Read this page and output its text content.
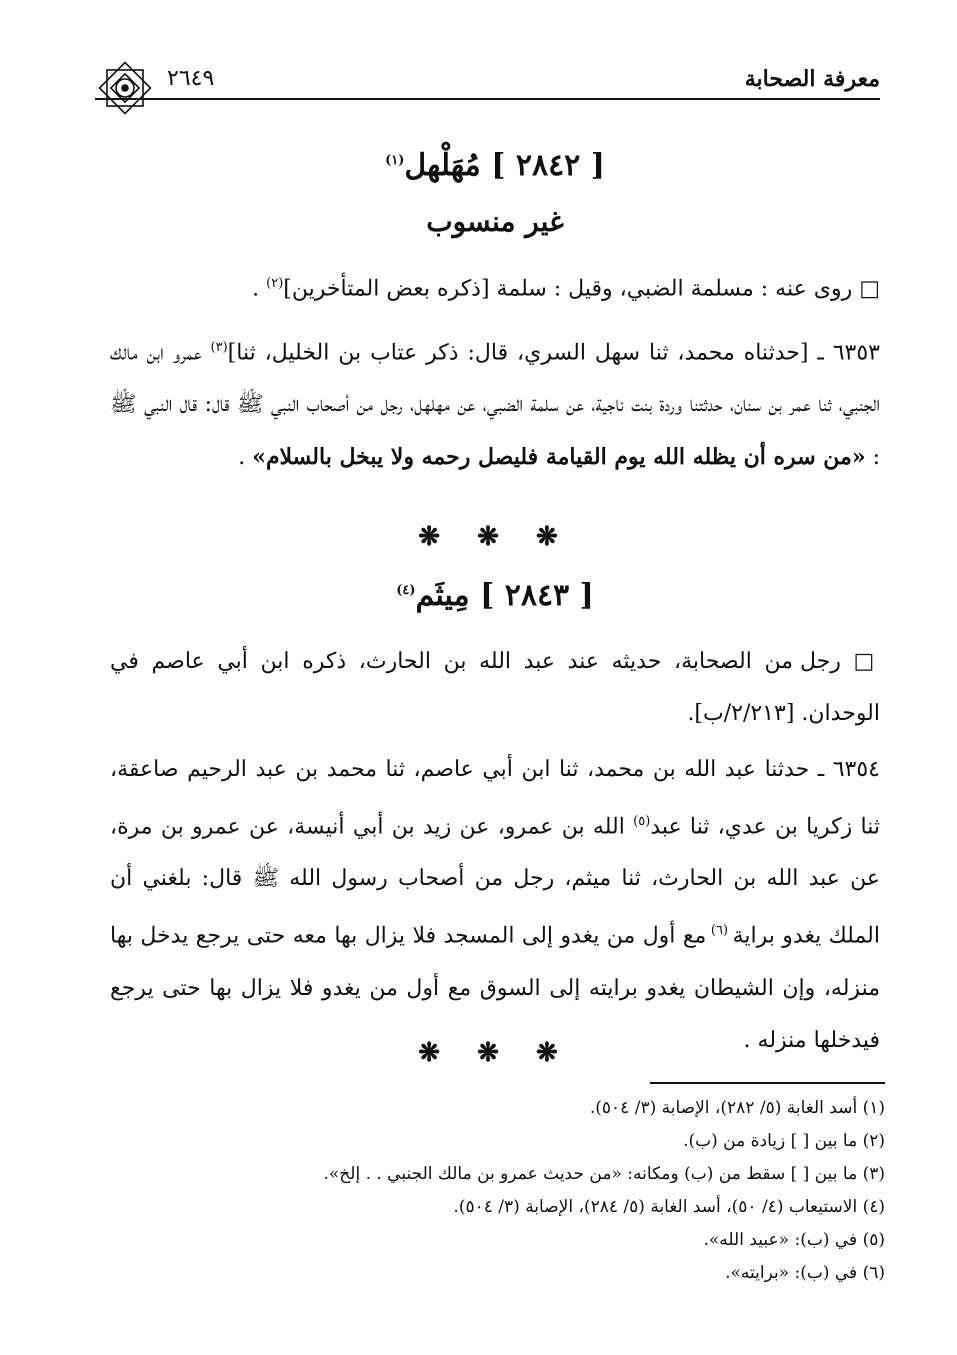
معرفة الصحابة
٢٦٤٩
[ ٢٨٤٢ ] مُهَلْهل$^{(١)}$
غير منسوب
□ روى عنه : مسلمة الضبي، وقيل : سلمة [ذكره بعض المتأخرين]$^{(٢)}$ .
٦٣٥٣ ـ [حدثناه محمد، ثنا سهل السري، قال: ذكر عتاب بن الخليل، ثنا]$^{(٣)}$ عمرو ابن مالك الجنبي، ثنا عمر بن سنان، حدثتنا وردة بنت ناجية، عن سلمة الضبي، عن مهلهل، رجل من أصحاب النبي ﷺ قال: قال النبي ﷺ : «من سره أن يظله الله يوم القيامة فليصل رحمه ولا يبخل بالسلام» .
❋ ❋ ❋
[ ٢٨٤٣ ] مِيثَم$^{(٤)}$
□ رجل من الصحابة، حديثه عند عبد الله بن الحارث، ذكره ابن أبي عاصم في الوحدان. [٢/٢١٣/ب].
٦٣٥٤ ـ حدثنا عبد الله بن محمد، ثنا ابن أبي عاصم، ثنا محمد بن عبد الرحيم صاعقة، ثنا زكريا بن عدي، ثنا عبد$^{(٥)}$ الله بن عمرو، عن زيد بن أبي أنيسة، عن عمرو بن مرة، عن عبد الله بن الحارث، ثنا ميثم، رجل من أصحاب رسول الله ﷺ قال: بلغني أن الملك يغدو براية $^{(٦)}$ مع أول من يغدو إلى المسجد فلا يزال بها معه حتى يرجع يدخل بها منزله، وإن الشيطان يغدو برايته إلى السوق مع أول من يغدو فلا يزال بها حتى يرجع فيدخلها منزله .
❋ ❋ ❋
(١) أسد الغابة (٥/ ٢٨٢)، الإصابة (٣/ ٥٠٤).
(٢) ما بين [ ] زيادة من (ب).
(٣) ما بين [ ] سقط من (ب) ومكانه: «من حديث عمرو بن مالك الجنبي . . إلخ».
(٤) الاستيعاب (٤/ ٥٠)، أسد الغابة (٥/ ٢٨٤)، الإصابة (٣/ ٥٠٤).
(٥) في (ب): «عبيد الله».
(٦) في (ب): «برايته».
